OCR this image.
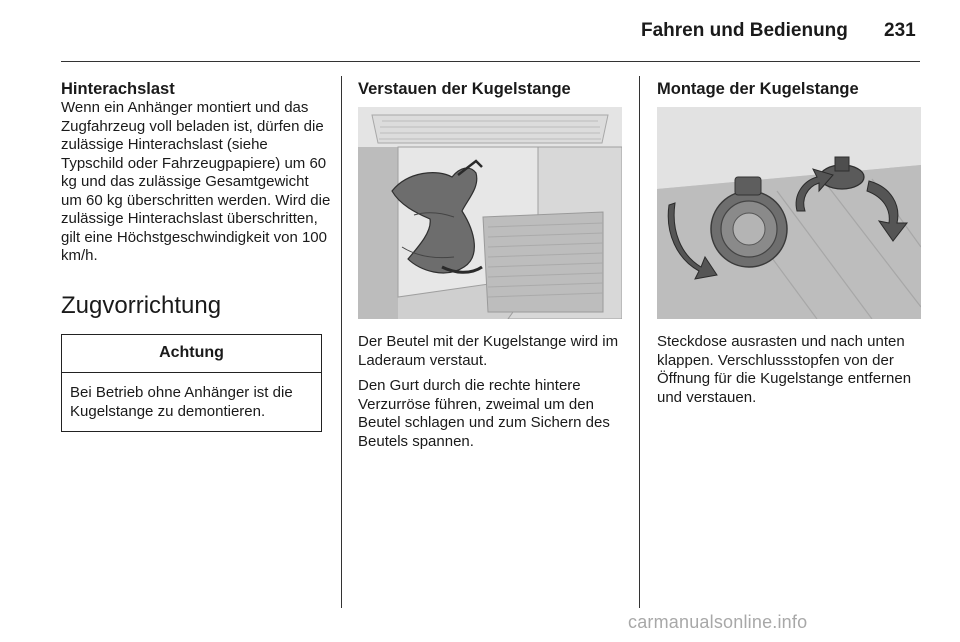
Fahren und Bedienung 231
Hinterachslast

Wenn ein Anhänger montiert und das Zugfahrzeug voll beladen ist, dürfen die zulässige Hinterachslast (siehe Typschild oder Fahrzeugpapiere) um 60 kg und das zulässige Gesamtgewicht um 60 kg überschritten werden. Wird die zulässige Hinterachslast überschritten, gilt eine Höchstgeschwindigkeit von 100 km/h.

Zugvorrichtung
Achtung
Bei Betrieb ohne Anhänger ist die Kugelstange zu demontieren.
Verstauen der Kugelstange

Der Beutel mit der Kugelstange wird im Laderaum verstaut.

Den Gurt durch die rechte hintere Verzurröse führen, zweimal um den Beutel schlagen und zum Sichern des Beutels spannen.

Montage der Kugelstange

Steckdose ausrasten und nach unten klappen. Verschlussstopfen von der Öffnung für die Kugelstange entfernen und verstauen.

carmanualsonline.info
